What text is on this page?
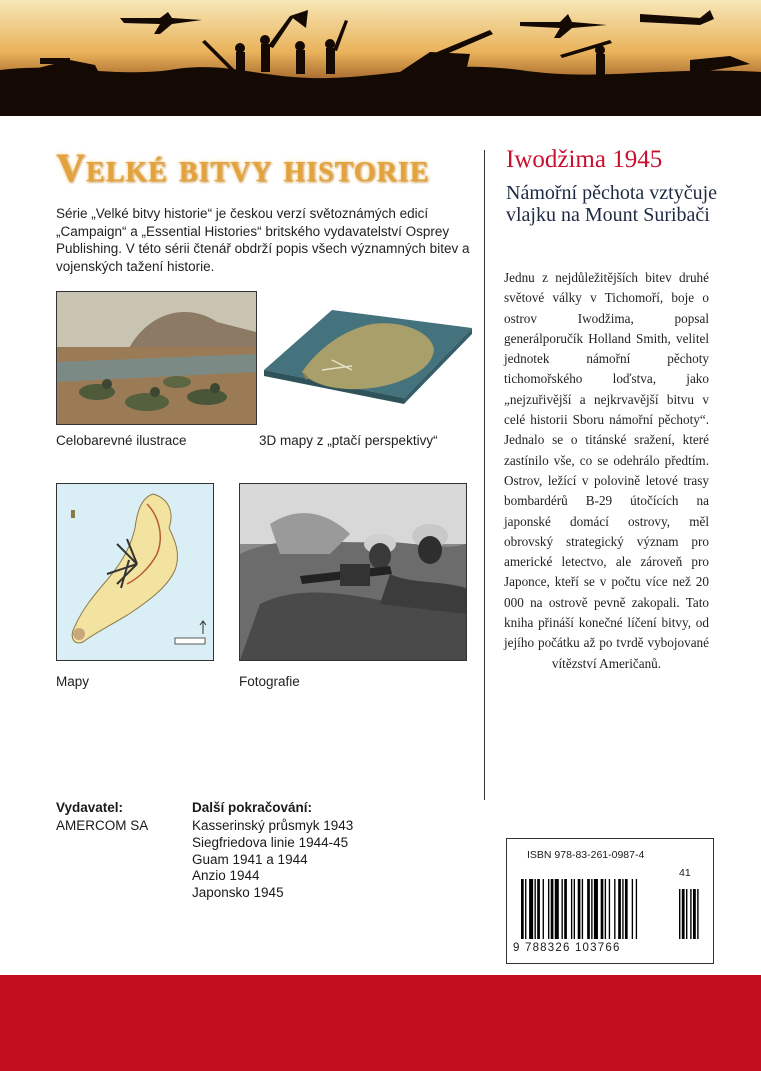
Velké bitvy historie
Série „Velké bitvy historie“ je českou verzí světoznámých edicí „Campaign“ a „Essential Histories“ britského vydavatelství Osprey Publishing. V této sérii čtenář obdrží popis všech významných bitev a vojenských tažení historie.
Celobarevné ilustrace	3D mapy z „ptačí perspektivy“
Mapy	Fotografie
Iwodžima 1945
Námořní pěchota vztyčuje vlajku na Mount Suribači
Jednu z nejdůležitějších bitev druhé světové války v Tichomoří, boje o ostrov Iwodžima, popsal generálporučík Holland Smith, velitel jednotek námořní pěchoty tichomořského loďstva, jako „nejzuřivější a nejkrvavější bitvu v celé historii Sboru námořní pěchoty“. Jednalo se o titánské sražení, které zastínilo vše, co se odehrálo předtím. Ostrov, ležící v polovině letové trasy bombardérů B-29 útočících na japonské domácí ostrovy, měl obrovský strategický význam pro americké letectvo, ale zároveň pro Japonce, kteří se v počtu více než 20 000 na ostrově pevně zakopali. Tato kniha přináší konečné líčení bitvy, od jejího počátku až po tvrdě vybojované vítězství Američanů.
Vydavatel:
AMERCOM SA
Další pokračování:
Kasserinský průsmyk 1943
Siegfriedova linie 1944-45
Guam 1941 a 1944
Anzio 1944
Japonsko 1945
ISBN 978-83-261-0987-4
41
9 788326 103766
